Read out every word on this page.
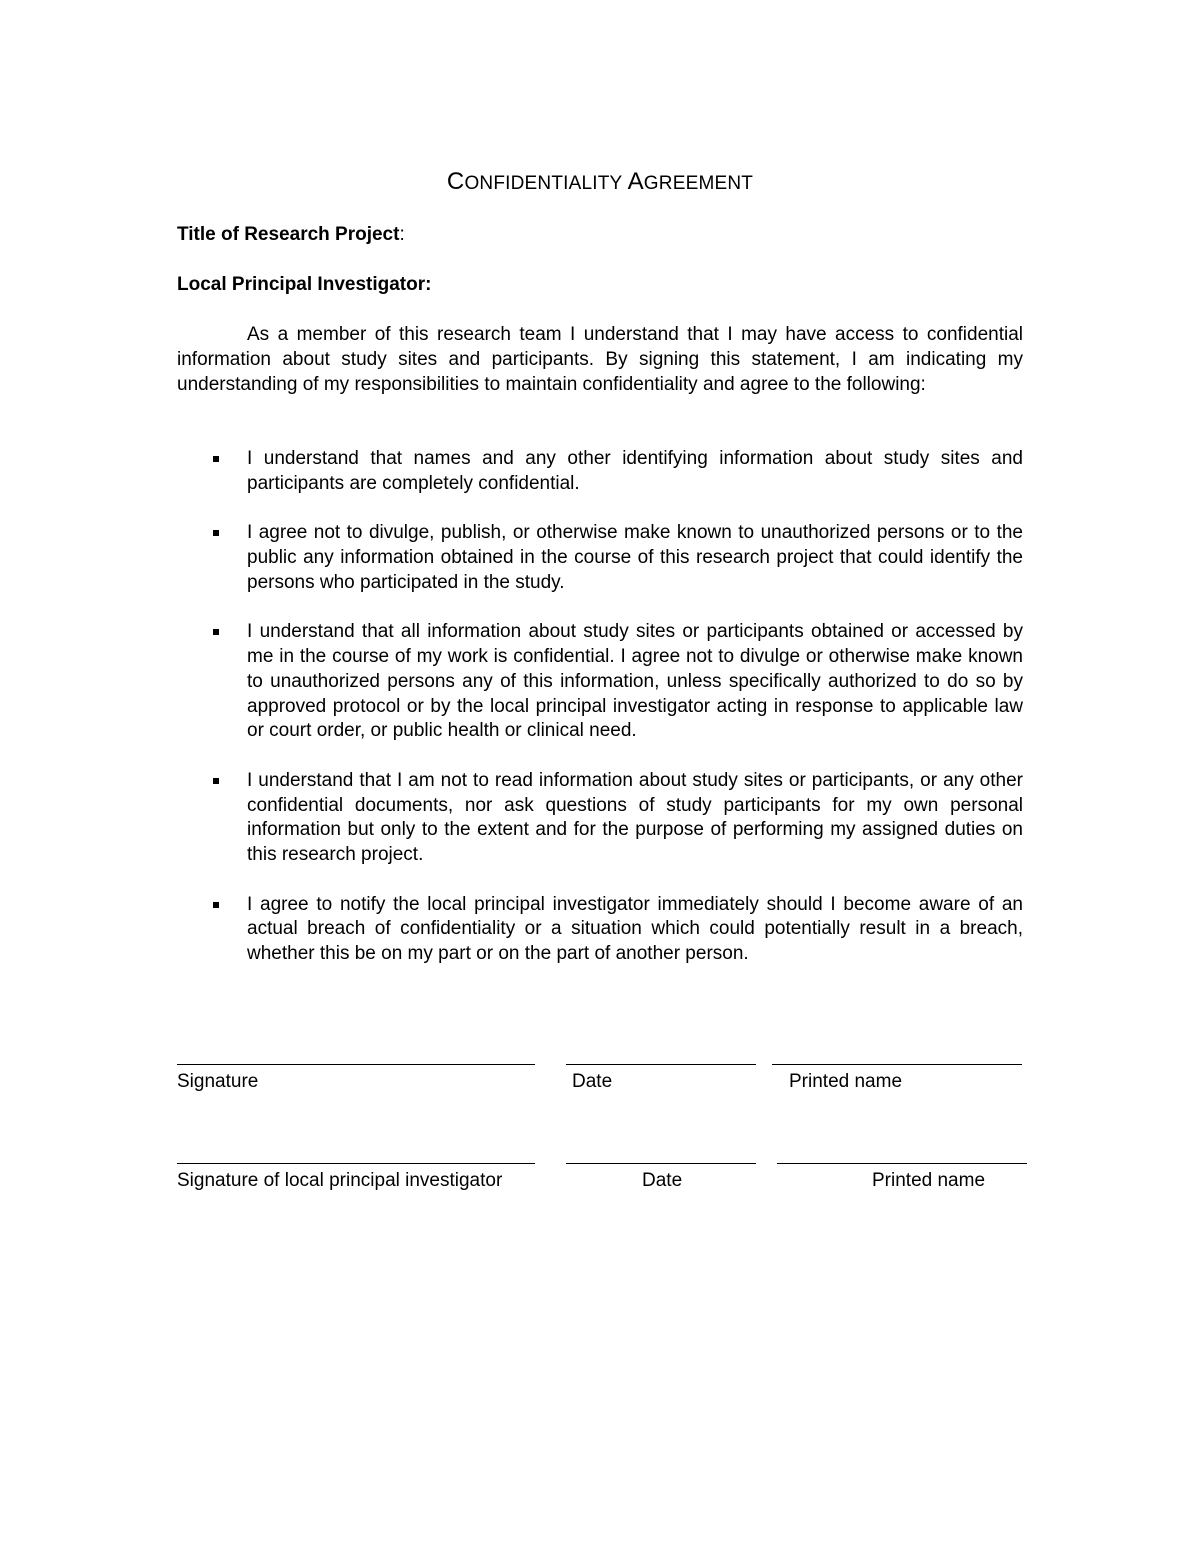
CONFIDENTIALITY AGREEMENT
Title of Research Project:
Local Principal Investigator:

As a member of this research team I understand that I may have access to confidential information about study sites and participants. By signing this statement, I am indicating my understanding of my responsibilities to maintain confidentiality and agree to the following:

I understand that names and any other identifying information about study sites and participants are completely confidential.
I agree not to divulge, publish, or otherwise make known to unauthorized persons or to the public any information obtained in the course of this research project that could identify the persons who participated in the study.
I understand that all information about study sites or participants obtained or accessed by me in the course of my work is confidential. I agree not to divulge or otherwise make known to unauthorized persons any of this information, unless specifically authorized to do so by approved protocol or by the local principal investigator acting in response to applicable law or court order, or public health or clinical need.
I understand that I am not to read information about study sites or participants, or any other confidential documents, nor ask questions of study participants for my own personal information but only to the extent and for the purpose of performing my assigned duties on this research project.
I agree to notify the local principal investigator immediately should I become aware of an actual breach of confidentiality or a situation which could potentially result in a breach, whether this be on my part or on the part of another person.
Signature	Date	Printed name
Signature of local principal investigator	Date	Printed name
